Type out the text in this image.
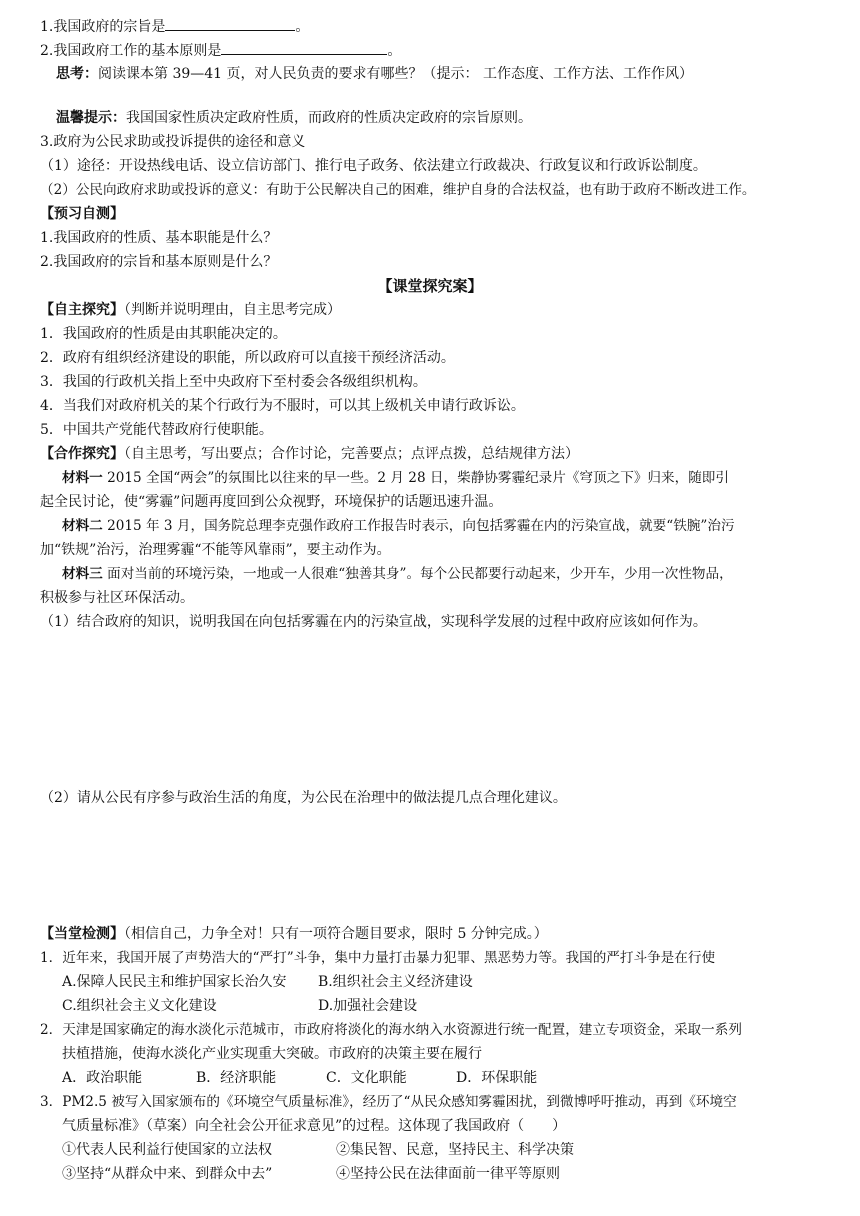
1.我国政府的宗旨是	。
2.我国政府工作的基本原则是	。
思考：阅读课本第 39—41 页，对人民负责的要求有哪些？（提示： 工作态度、工作方法、工作作风）
温馨提示：我国国家性质决定政府性质，而政府的性质决定政府的宗旨原则。
3.政府为公民求助或投诉提供的途径和意义
（1）途径：开设热线电话、设立信访部门、推行电子政务、依法建立行政裁决、行政复议和行政诉讼制度。
（2）公民向政府求助或投诉的意义：有助于公民解决自己的困难，维护自身的合法权益，也有助于政府不断改进工作。
【预习自测】
1.我国政府的性质、基本职能是什么？
2.我国政府的宗旨和基本原则是什么？
【课堂探究案】
【自主探究】（判断并说明理由，自主思考完成）
1．我国政府的性质是由其职能决定的。
2．政府有组织经济建设的职能，所以政府可以直接干预经济活动。
3．我国的行政机关指上至中央政府下至村委会各级组织机构。
4．当我们对政府机关的某个行政行为不服时，可以其上级机关申请行政诉讼。
5．中国共产党能代替政府行使职能。
【合作探究】（自主思考，写出要点；合作讨论，完善要点；点评点拨，总结规律方法）
材料一 2015 全国“两会”的氛围比以往来的早一些。2 月 28 日，柴静协雾霾纪录片《穹顶之下》归来，随即引
起全民讨论，使“雾霾”问题再度回到公众视野，环境保护的话题迅速升温。
材料二 2015 年 3 月，国务院总理李克强作政府工作报告时表示，向包括雾霾在内的污染宣战，就要“铁腕”治污
加“铁规”治污，治理雾霾“不能等风靠雨”，要主动作为。
材料三 面对当前的环境污染，一地或一人很难“独善其身”。每个公民都要行动起来，少开车，少用一次性物品，
积极参与社区环保活动。
（1）结合政府的知识，说明我国在向包括雾霾在内的污染宣战，实现科学发展的过程中政府应该如何作为。
（2）请从公民有序参与政治生活的角度，为公民在治理中的做法提几点合理化建议。
【当堂检测】（相信自己，力争全对！只有一项符合题目要求，限时 5 分钟完成。）
1．近年来，我国开展了声势浩大的“严打”斗争，集中力量打击暴力犯罪、黑恶势力等。我国的严打斗争是在行使
A.保障人民民主和维护国家长治久安 B.组织社会主义经济建设
C.组织社会主义文化建设	D.加强社会建设
2．天津是国家确定的海水淡化示范城市，市政府将淡化的海水纳入水资源进行统一配置，建立专项资金，采取一系列
扶植措施，使海水淡化产业实现重大突破。市政府的决策主要在履行
A．政治职能	B．经济职能	C．文化职能	D．环保职能
3．PM2.5 被写入国家颁布的《环境空气质量标准》，经历了“从民众感知雾霾困扰，到微博呼吁推动，再到《环境空
气质量标准》（草案）向全社会公开征求意见”的过程。这体现了我国政府（　　）
①代表人民利益行使国家的立法权	②集民智、民意，坚持民主、科学决策
③坚持“从群众中来、到群众中去”	④坚持公民在法律面前一律平等原则
